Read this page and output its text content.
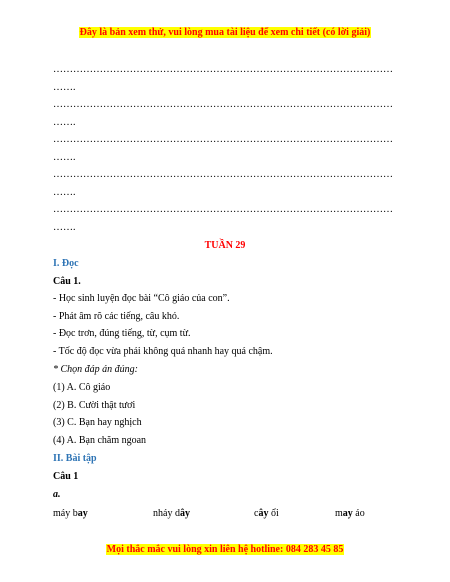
Đây là bản xem thử, vui lòng mua tài liệu để xem chi tiết (có lời giải)
…………………………………………………………………………………………
…….
…………………………………………………………………………………………
…….
…………………………………………………………………………………………
…….
…………………………………………………………………………………………
…….
…………………………………………………………………………………………
…….
TUẦN 29
I. Đọc
Câu 1.
- Học sinh luyện đọc bài “Cô giáo của con”.
- Phát âm rõ các tiếng, câu khó.
- Đọc trơn, đúng tiếng, từ, cụm từ.
- Tốc độ đọc vừa phải không quá nhanh hay quá chậm.
* Chọn đáp án đúng:
(1) A. Cô giáo
(2) B. Cười thật tươi
(3) C. Bạn hay nghịch
(4) A. Bạn chăm ngoan
II. Bài tập
Câu 1
a.
máy bay	nháy dây	cây ổi	may áo
Mọi thắc mắc vui lòng xin liên hệ hotline: 084 283 45 85
